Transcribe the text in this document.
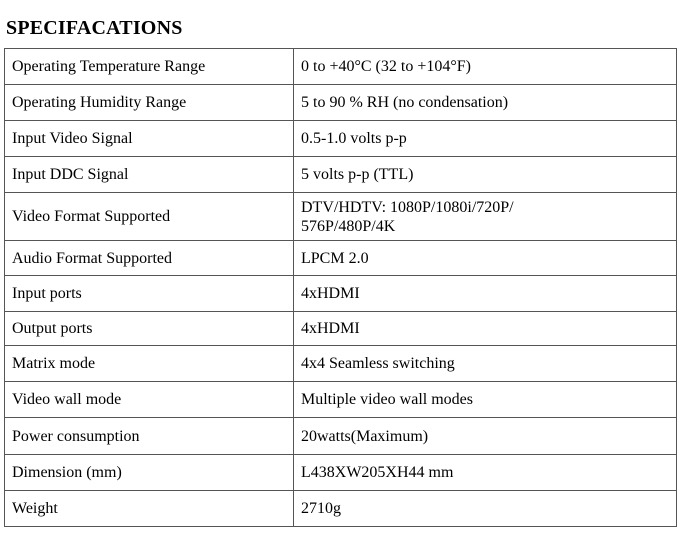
SPECIFACATIONS
Operating Temperature Range	0 to +40°C (32 to +104°F)
Operating Humidity Range	5 to 90 % RH (no condensation)
Input Video Signal	0.5-1.0 volts p-p
Input DDC Signal	5 volts p-p (TTL)
Video Format Supported	DTV/HDTV: 1080P/1080i/720P/
576P/480P/4K
Audio Format Supported	LPCM 2.0
Input ports	4xHDMI
Output ports	4xHDMI
Matrix mode	4x4 Seamless switching
Video wall mode	Multiple video wall modes
Power consumption	20watts(Maximum)
Dimension (mm)	L438XW205XH44 mm
Weight	2710g
